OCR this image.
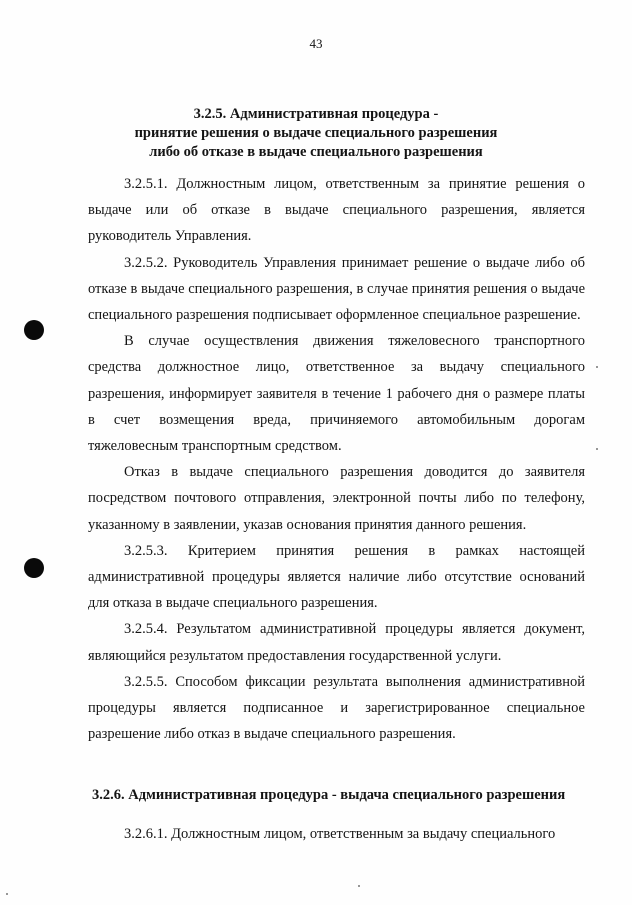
43
3.2.5. Административная процедура -
принятие решения о выдаче специального разрешения
либо об отказе в выдаче специального разрешения

3.2.5.1. Должностным лицом, ответственным за принятие решения о выдаче или об отказе в выдаче специального разрешения, является руководитель Управления.

3.2.5.2. Руководитель Управления принимает решение о выдаче либо об отказе в выдаче специального разрешения, в случае принятия решения о выдаче специального разрешения подписывает оформленное специальное разрешение.

В случае осуществления движения тяжеловесного транспортного средства должностное лицо, ответственное за выдачу специального разрешения, информирует заявителя в течение 1 рабочего дня о размере платы в счет возмещения вреда, причиняемого автомобильным дорогам тяжеловесным транспортным средством.

Отказ в выдаче специального разрешения доводится до заявителя посредством почтового отправления, электронной почты либо по телефону, указанному в заявлении, указав основания принятия данного решения.

3.2.5.3. Критерием принятия решения в рамках настоящей административной процедуры является наличие либо отсутствие оснований для отказа в выдаче специального разрешения.

3.2.5.4. Результатом административной процедуры является документ, являющийся результатом предоставления государственной услуги.

3.2.5.5. Способом фиксации результата выполнения административной процедуры является подписанное и зарегистрированное специальное разрешение либо отказ в выдаче специального разрешения.

3.2.6. Административная процедура - выдача специального разрешения

3.2.6.1. Должностным лицом, ответственным за выдачу специального
